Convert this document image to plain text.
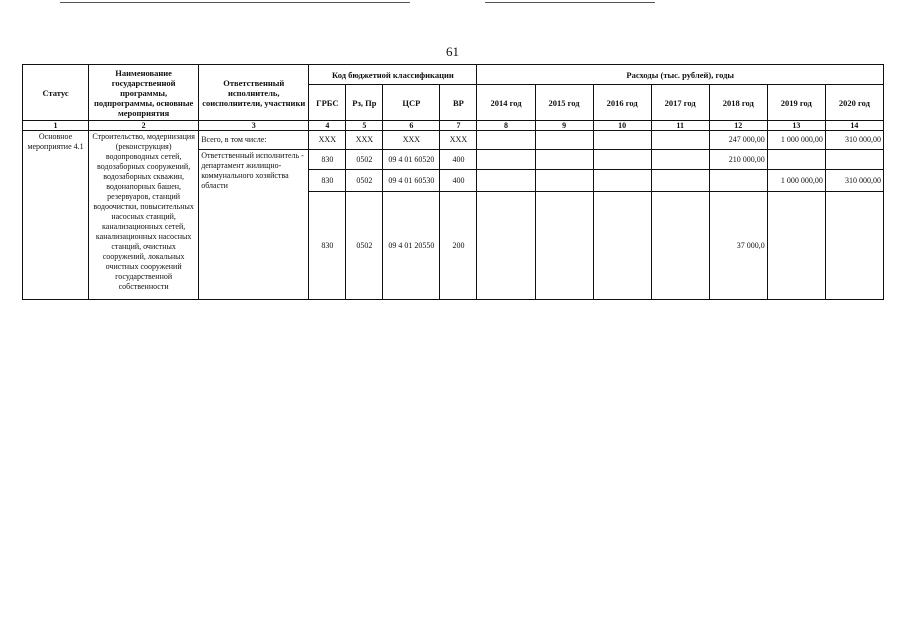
61
Статус	Наименование государственной программы, подпрограммы, основные мероприятия	Ответственный исполнитель, соисполнители, участники	Код бюджетной классификации				Расходы (тыс. рублей), годы						
			ГРБС	Рз, Пр	ЦСР	ВР	2014 год	2015 год	2016 год	2017 год	2018 год	2019 год	2020 год
1	2	3	4	5	6	7	8	9	10	11	12	13	14
Основное мероприятие 4.1	Строительство, модернизация (реконструкция) водопроводных сетей, водозаборных сооружений, водозаборных скважин, водонапорных башен, резервуаров, станций водоочистки, повысительных насосных станций, канализационных сетей, канализационных насосных станций, очистных сооружений, локальных очистных сооружений государственной собственности	Всего, в том числе:	XXX	XXX	XXX	XXX					247 000,00	1 000 000,00	310 000,00
		Ответственный исполнитель - департамент жилищно-коммунального хозяйства области	830	0502	09 4 01 60520	400					210 000,00		
			830	0502	09 4 01 60530	400						1 000 000,00	310 000,00
			830	0502	09 4 01 20550	200					37 000,0		
